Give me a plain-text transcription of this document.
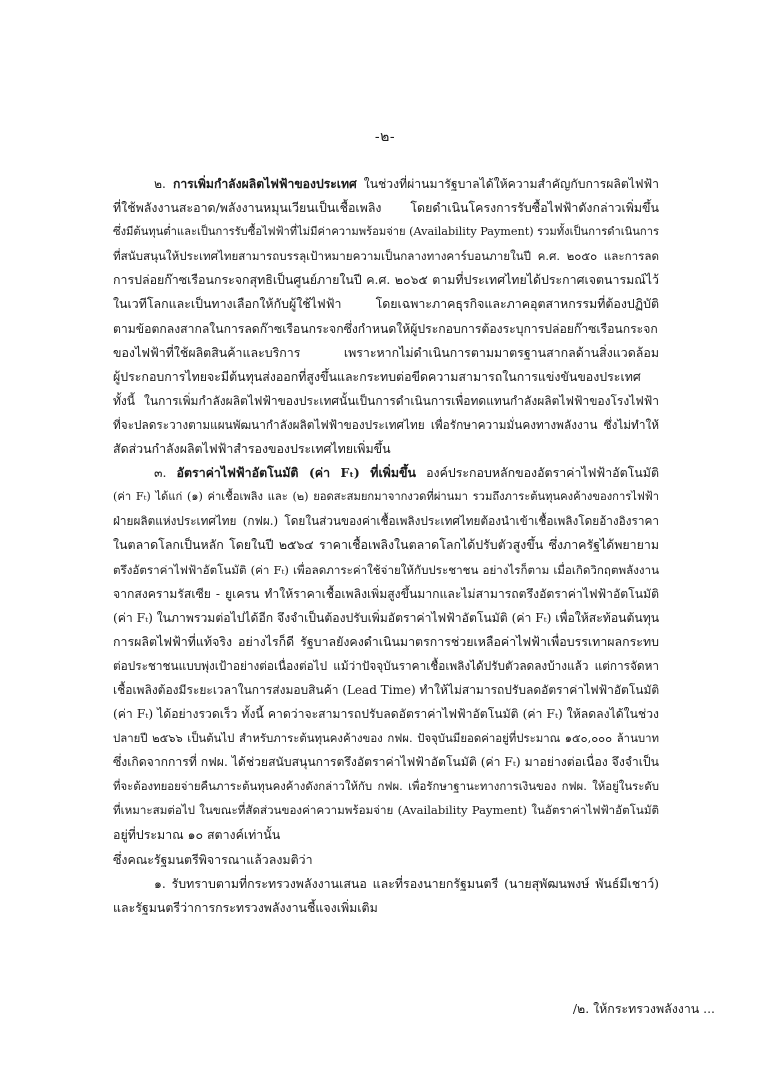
-๒-
๒. การเพิ่มกำลังผลิตไฟฟ้าของประเทศ ในช่วงที่ผ่านมารัฐบาลได้ให้ความสำคัญกับการผลิตไฟฟ้า
ที่ใช้พลังงานสะอาด/พลังงานหมุนเวียนเป็นเชื้อเพลิง โดยดำเนินโครงการรับซื้อไฟฟ้าดังกล่าวเพิ่มขึ้น
ซึ่งมีต้นทุนต่ำและเป็นการรับซื้อไฟฟ้าที่ไม่มีค่าความพร้อมจ่าย (Availability Payment) รวมทั้งเป็นการดำเนินการ
ที่สนับสนุนให้ประเทศไทยสามารถบรรลุเป้าหมายความเป็นกลางทางคาร์บอนภายในปี ค.ศ. ๒๐๕๐ และการลด
การปล่อยก๊าซเรือนกระจกสุทธิเป็นศูนย์ภายในปี ค.ศ. ๒๐๖๕ ตามที่ประเทศไทยได้ประกาศเจตนารมณ์ไว้
ในเวทีโลกและเป็นทางเลือกให้กับผู้ใช้ไฟฟ้า โดยเฉพาะภาคธุรกิจและภาคอุตสาหกรรมที่ต้องปฏิบัติ
ตามข้อตกลงสากลในการลดก๊าซเรือนกระจกซึ่งกำหนดให้ผู้ประกอบการต้องระบุการปล่อยก๊าซเรือนกระจก
ของไฟฟ้าที่ใช้ผลิตสินค้าและบริการ เพราะหากไม่ดำเนินการตามมาตรฐานสากลด้านสิ่งแวดล้อม
ผู้ประกอบการไทยจะมีต้นทุนส่งออกที่สูงขึ้นและกระทบต่อขีดความสามารถในการแข่งขันของประเทศ
ทั้งนี้ ในการเพิ่มกำลังผลิตไฟฟ้าของประเทศนั้นเป็นการดำเนินการเพื่อทดแทนกำลังผลิตไฟฟ้าของโรงไฟฟ้า
ที่จะปลดระวางตามแผนพัฒนากำลังผลิตไฟฟ้าของประเทศไทย เพื่อรักษาความมั่นคงทางพลังงาน ซึ่งไม่ทำให้
สัดส่วนกำลังผลิตไฟฟ้าสำรองของประเทศไทยเพิ่มขึ้น
๓. อัตราค่าไฟฟ้าอัตโนมัติ (ค่า Fₜ) ที่เพิ่มขึ้น องค์ประกอบหลักของอัตราค่าไฟฟ้าอัตโนมัติ
(ค่า Fₜ) ได้แก่ (๑) ค่าเชื้อเพลิง และ (๒) ยอดสะสมยกมาจากงวดที่ผ่านมา รวมถึงภาระต้นทุนคงค้างของการไฟฟ้า
ฝ่ายผลิตแห่งประเทศไทย (กฟผ.) โดยในส่วนของค่าเชื้อเพลิงประเทศไทยต้องนำเข้าเชื้อเพลิงโดยอ้างอิงราคา
ในตลาดโลกเป็นหลัก โดยในปี ๒๕๖๔ ราคาเชื้อเพลิงในตลาดโลกได้ปรับตัวสูงขึ้น ซึ่งภาครัฐได้พยายาม
ตรึงอัตราค่าไฟฟ้าอัตโนมัติ (ค่า Fₜ) เพื่อลดภาระค่าใช้จ่ายให้กับประชาชน อย่างไรก็ตาม เมื่อเกิดวิกฤตพลังงาน
จากสงครามรัสเซีย - ยูเครน ทำให้ราคาเชื้อเพลิงเพิ่มสูงขึ้นมากและไม่สามารถตรึงอัตราค่าไฟฟ้าอัตโนมัติ
(ค่า Fₜ) ในภาพรวมต่อไปได้อีก จึงจำเป็นต้องปรับเพิ่มอัตราค่าไฟฟ้าอัตโนมัติ (ค่า Fₜ) เพื่อให้สะท้อนต้นทุน
การผลิตไฟฟ้าที่แท้จริง อย่างไรก็ดี รัฐบาลยังคงดำเนินมาตรการช่วยเหลือค่าไฟฟ้าเพื่อบรรเทาผลกระทบ
ต่อประชาชนแบบพุ่งเป้าอย่างต่อเนื่องต่อไป แม้ว่าปัจจุบันราคาเชื้อเพลิงได้ปรับตัวลดลงบ้างแล้ว แต่การจัดหา
เชื้อเพลิงต้องมีระยะเวลาในการส่งมอบสินค้า (Lead Time) ทำให้ไม่สามารถปรับลดอัตราค่าไฟฟ้าอัตโนมัติ
(ค่า Fₜ) ได้อย่างรวดเร็ว ทั้งนี้ คาดว่าจะสามารถปรับลดอัตราค่าไฟฟ้าอัตโนมัติ (ค่า Fₜ) ให้ลดลงได้ในช่วง
ปลายปี ๒๕๖๖ เป็นต้นไป สำหรับภาระต้นทุนคงค้างของ กฟผ. ปัจจุบันมียอดค่าอยู่ที่ประมาณ ๑๕๐,๐๐๐ ล้านบาท
ซึ่งเกิดจากการที่ กฟผ. ได้ช่วยสนับสนุนการตรึงอัตราค่าไฟฟ้าอัตโนมัติ (ค่า Fₜ) มาอย่างต่อเนื่อง จึงจำเป็น
ที่จะต้องทยอยจ่ายคืนภาระต้นทุนคงค้างดังกล่าวให้กับ กฟผ. เพื่อรักษาฐานะทางการเงินของ กฟผ. ให้อยู่ในระดับ
ที่เหมาะสมต่อไป ในขณะที่สัดส่วนของค่าความพร้อมจ่าย (Availability Payment) ในอัตราค่าไฟฟ้าอัตโนมัติ
อยู่ที่ประมาณ ๑๐ สตางค์เท่านั้น
ซึ่งคณะรัฐมนตรีพิจารณาแล้วลงมติว่า
๑. รับทราบตามที่กระทรวงพลังงานเสนอ และที่รองนายกรัฐมนตรี (นายสุพัฒนพงษ์ พันธ์มีเชาว์)
และรัฐมนตรีว่าการกระทรวงพลังงานชี้แจงเพิ่มเติม
/๒. ให้กระทรวงพลังงาน ...
